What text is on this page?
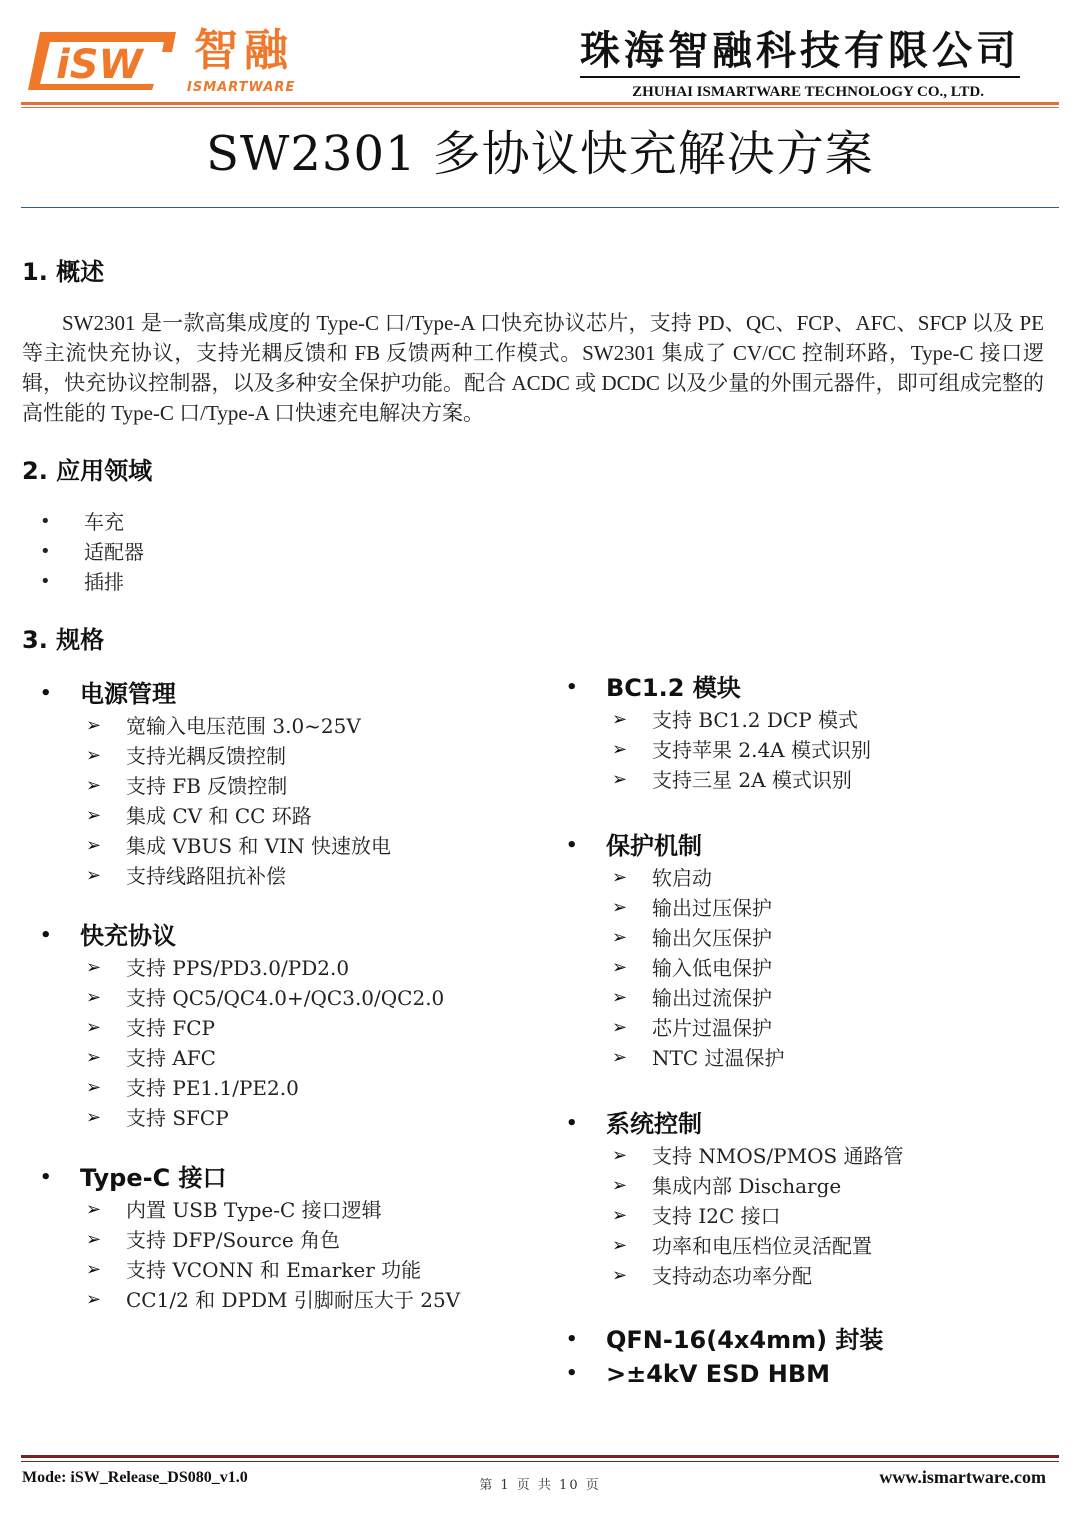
iSW 智融
ISMARTWARE
珠海智融科技有限公司
ZHUHAI ISMARTWARE TECHNOLOGY CO., LTD.
SW2301 多协议快充解决方案
1. 概述
SW2301 是一款高集成度的 Type-C 口/Type-A 口快充协议芯片，支持 PD、QC、FCP、AFC、SFCP 以及 PE 等主流快充协议，支持光耦反馈和 FB 反馈两种工作模式。SW2301 集成了 CV/CC 控制环路，Type-C 接口逻辑，快充协议控制器，以及多种安全保护功能。配合 ACDC 或 DCDC 以及少量的外围元器件，即可组成完整的高性能的 Type-C 口/Type-A 口快速充电解决方案。
2. 应用领域
•	车充
•	适配器
•	插排
3. 规格
•	电源管理
➢	宽输入电压范围 3.0~25V
➢	支持光耦反馈控制
➢	支持 FB 反馈控制
➢	集成 CV 和 CC 环路
➢	集成 VBUS 和 VIN 快速放电
➢	支持线路阻抗补偿
•	快充协议
➢	支持 PPS/PD3.0/PD2.0
➢	支持 QC5/QC4.0+/QC3.0/QC2.0
➢	支持 FCP
➢	支持 AFC
➢	支持 PE1.1/PE2.0
➢	支持 SFCP
•	Type-C 接口
➢	内置 USB Type-C 接口逻辑
➢	支持 DFP/Source 角色
➢	支持 VCONN 和 Emarker 功能
➢	CC1/2 和 DPDM 引脚耐压大于 25V
•	BC1.2 模块
➢	支持 BC1.2 DCP 模式
➢	支持苹果 2.4A 模式识别
➢	支持三星 2A 模式识别
•	保护机制
➢	软启动
➢	输出过压保护
➢	输出欠压保护
➢	输入低电保护
➢	输出过流保护
➢	芯片过温保护
➢	NTC 过温保护
•	系统控制
➢	支持 NMOS/PMOS 通路管
➢	集成内部 Discharge
➢	支持 I2C 接口
➢	功率和电压档位灵活配置
➢	支持动态功率分配
•	QFN-16(4x4mm) 封装
•	>±4kV ESD HBM
Mode: iSW_Release_DS080_v1.0	第 1 页 共 10 页	www.ismartware.com
